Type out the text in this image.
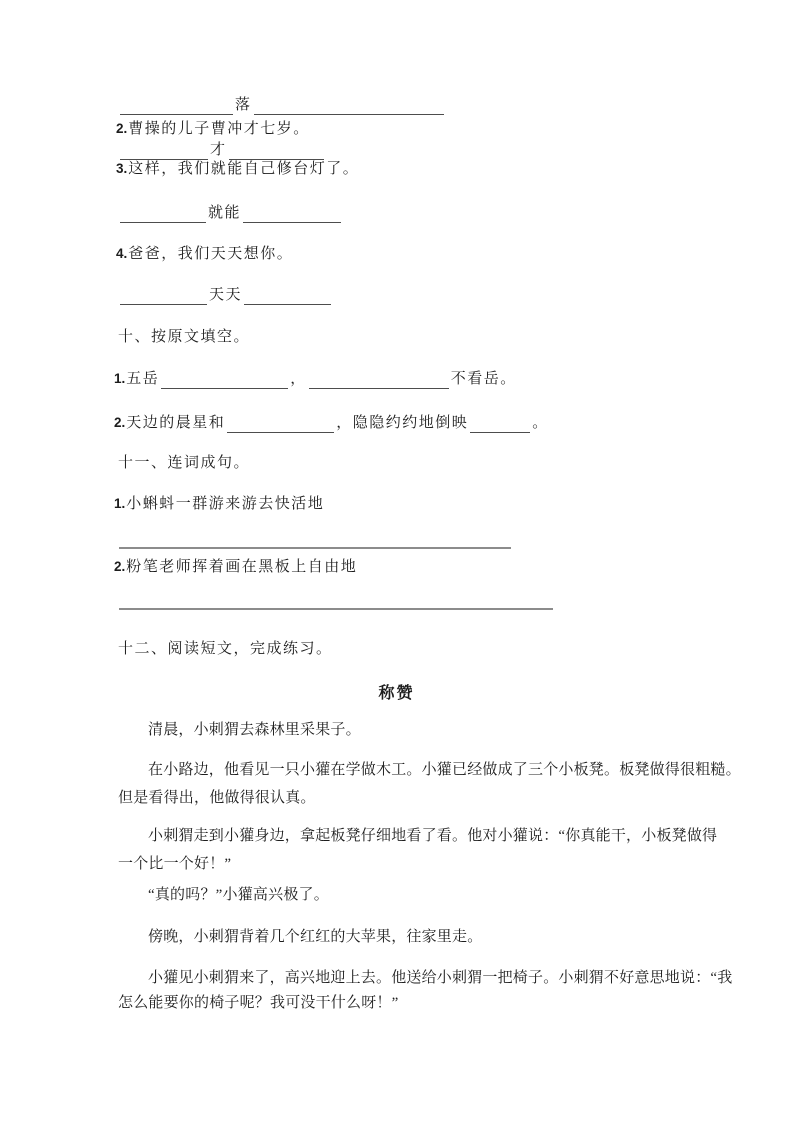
落
2.曹操的儿子曹冲才七岁。
才
3.这样，我们就能自己修台灯了。
就能
4.爸爸，我们天天想你。
天天
十、按原文填空。
1.五岳	，	不看岳。
2.天边的晨星和	，隐隐约约地倒映	。
十一、连词成句。
1.小蝌蚪一群游来游去快活地
2.粉笔老师挥着画在黑板上自由地
十二、阅读短文，完成练习。
称赞
清晨，小刺猬去森林里采果子。
在小路边，他看见一只小獾在学做木工。小獾已经做成了三个小板凳。板凳做得很粗糙。
但是看得出，他做得很认真。
小刺猬走到小獾身边，拿起板凳仔细地看了看。他对小獾说：“你真能干，小板凳做得
一个比一个好！”
“真的吗？”小獾高兴极了。
傍晚，小刺猬背着几个红红的大苹果，往家里走。
小獾见小刺猬来了，高兴地迎上去。他送给小刺猬一把椅子。小刺猬不好意思地说：“我
怎么能要你的椅子呢？我可没干什么呀！”
